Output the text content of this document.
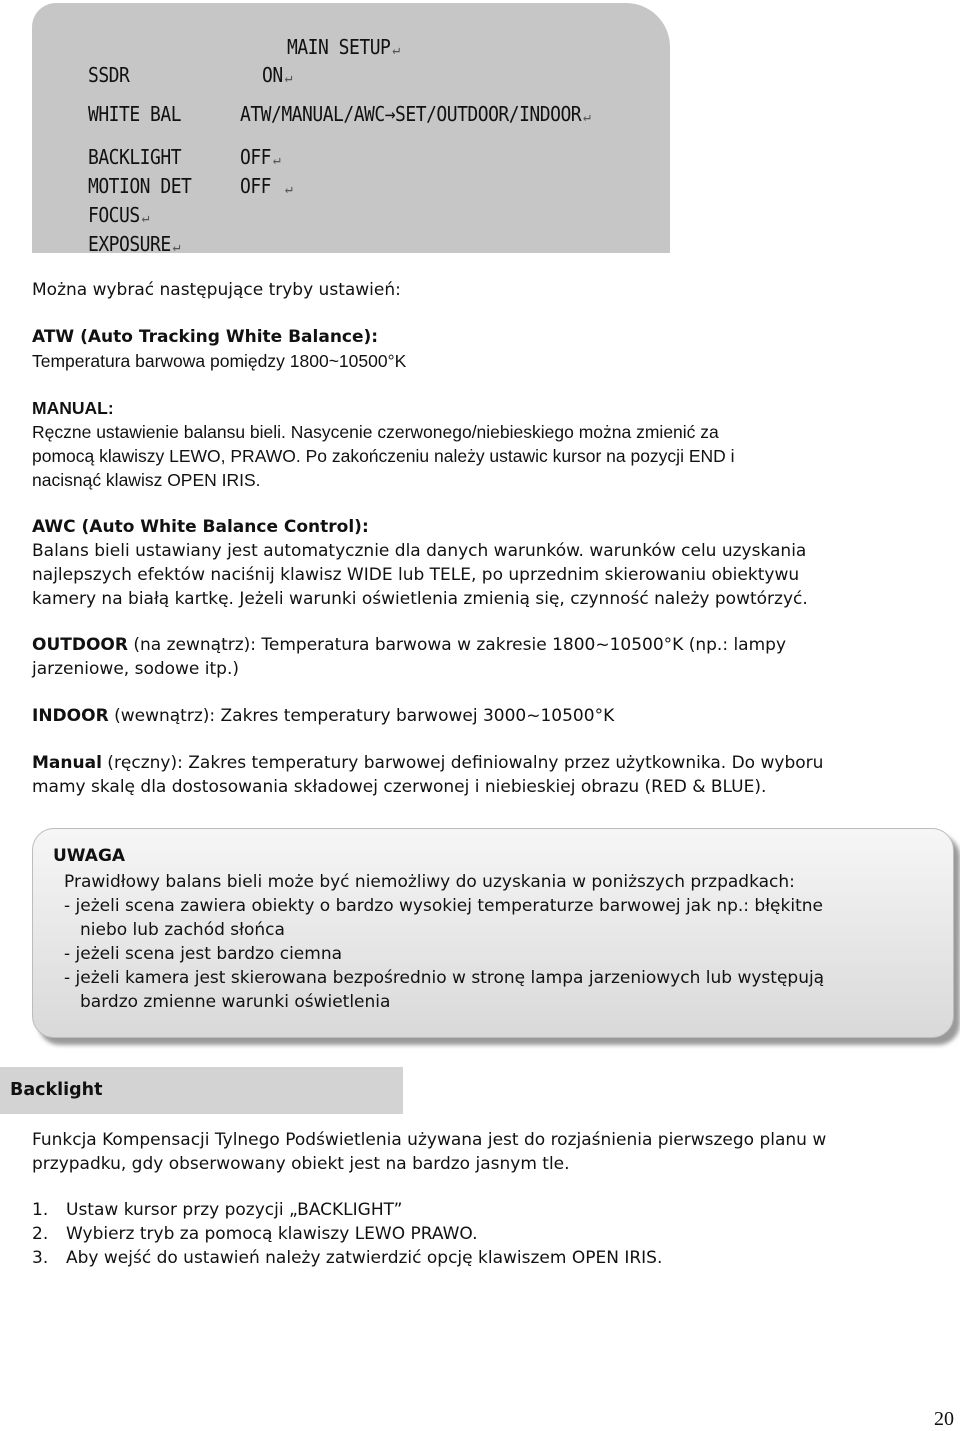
MAIN SETUP ↵
SSDR	ON ↵
WHITE BAL	ATW/MANUAL/AWC→SET/OUTDOOR/INDOOR ↵
BACKLIGHT	OFF ↵
MOTION DET	OFF ↵
FOCUS ↵
EXPOSURE ↵
Można wybrać następujące tryby ustawień:
ATW (Auto Tracking White Balance):
Temperatura barwowa pomiędzy 1800~10500°K
MANUAL:
Ręczne ustawienie balansu bieli. Nasycenie czerwonego/niebieskiego można zmienić za
pomocą klawiszy LEWO, PRAWO. Po zakończeniu należy ustawic kursor na pozycji END i
nacisnąć klawisz OPEN IRIS.
AWC (Auto White Balance Control):
Balans bieli ustawiany jest automatycznie dla danych warunków. warunków celu uzyskania
najlepszych efektów naciśnij klawisz WIDE lub TELE, po uprzednim skierowaniu obiektywu
kamery na białą kartkę. Jeżeli warunki oświetlenia zmienią się, czynność należy powtórzyć.
OUTDOOR (na zewnątrz): Temperatura barwowa w zakresie 1800~10500°K (np.: lampy
jarzeniowe, sodowe itp.)
INDOOR (wewnątrz): Zakres temperatury barwowej 3000~10500°K
Manual (ręczny): Zakres temperatury barwowej definiowalny przez użytkownika. Do wyboru
mamy skalę dla dostosowania składowej czerwonej i niebieskiej obrazu (RED & BLUE).
UWAGA
Prawidłowy balans bieli może być niemożliwy do uzyskania w poniższych przpadkach:
- jeżeli scena zawiera obiekty o bardzo wysokiej temperaturze barwowej jak np.: błękitne
niebo lub zachód słońca
- jeżeli scena jest bardzo ciemna
- jeżeli kamera jest skierowana bezpośrednio w stronę lampa jarzeniowych lub występują
bardzo zmienne warunki oświetlenia
Backlight
Funkcja Kompensacji Tylnego Podświetlenia używana jest do rozjaśnienia pierwszego planu w
przypadku, gdy obserwowany obiekt jest na bardzo jasnym tle.
1. Ustaw kursor przy pozycji „BACKLIGHT”
2. Wybierz tryb za pomocą klawiszy LEWO PRAWO.
3. Aby wejść do ustawień należy zatwierdzić opcję klawiszem OPEN IRIS.
20
